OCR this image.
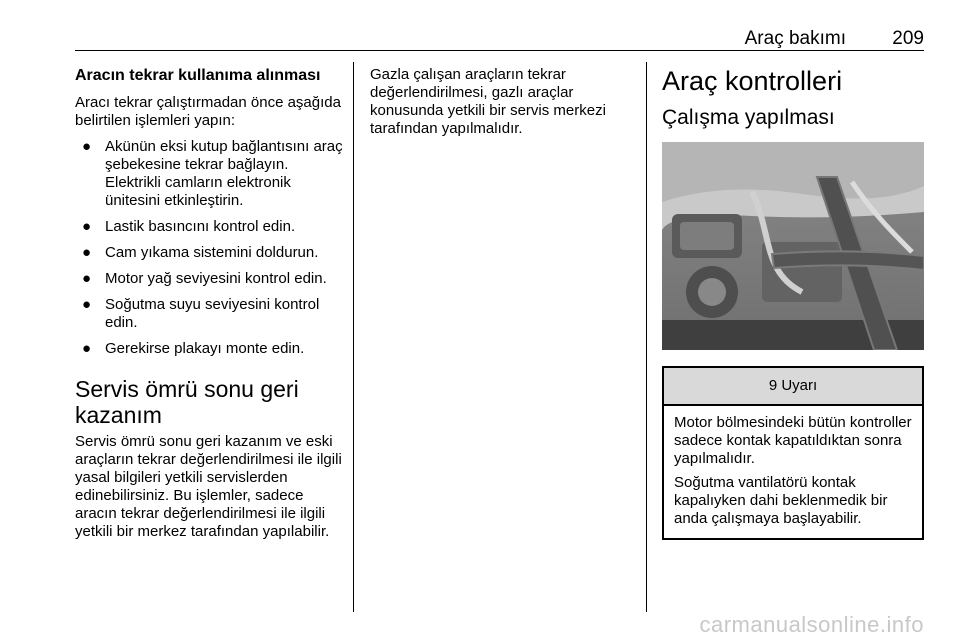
Araç bakımı 209
Aracın tekrar kullanıma alınması

Aracı tekrar çalıştırmadan önce aşağıda belirtilen işlemleri yapın:

● Akünün eksi kutup bağlantısını araç şebekesine tekrar bağlayın. Elektrikli camların elektronik ünitesini etkinleştirin.
● Lastik basıncını kontrol edin.
● Cam yıkama sistemini doldurun.
● Motor yağ seviyesini kontrol edin.
● Soğutma suyu seviyesini kontrol edin.
● Gerekirse plakayı monte edin.
Servis ömrü sonu geri kazanım

Servis ömrü sonu geri kazanım ve eski araçların tekrar değerlendirilmesi ile ilgili yasal bilgileri yetkili servislerden edinebilirsiniz. Bu işlemler, sadece aracın tekrar değerlendirilmesi ile ilgili yetkili bir merkez tarafından yapılabilir.

Gazla çalışan araçların tekrar değerlendirilmesi, gazlı araçlar konusunda yetkili bir servis merkezi tarafından yapılmalıdır.

Araç kontrolleri
Çalışma yapılması
9 Uyarı

Motor bölmesindeki bütün kontroller sadece kontak kapatıldıktan sonra yapılmalıdır.

Soğutma vantilatörü kontak kapalıyken dahi beklenmedik bir anda çalışmaya başlayabilir.

carmanualsonline.info
